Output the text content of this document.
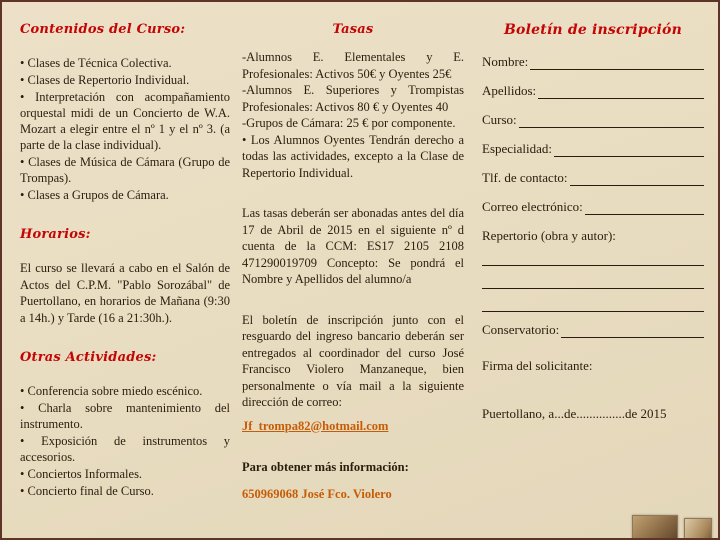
Contenidos del Curso:

• Clases de Técnica Colectiva.

• Clases de Repertorio Individual.

• Interpretación con acompañamiento orquestal midi de un Concierto de W.A. Mozart a elegir entre el nº 1 y el nº 3. (a parte de la clase individual).

• Clases de Música de Cámara (Grupo de Trompas).

• Clases a Grupos de Cámara.

Horarios:

El curso se llevará a cabo en el Salón de Actos del C.P.M. "Pablo Sorozábal" de Puertollano, en horarios de Mañana (9:30 a 14h.) y Tarde (16 a 21:30h.).

Otras Actividades:

• Conferencia sobre miedo escénico.

• Charla sobre mantenimiento del instrumento.

• Exposición de instrumentos y accesorios.

• Conciertos Informales.

• Concierto final de Curso.

Tasas

-Alumnos E. Elementales y E. Profesionales: Activos 50€ y Oyentes 25€

-Alumnos E. Superiores y Trompistas Profesionales: Activos 80 € y Oyentes 40

-Grupos de Cámara: 25 € por componente.

• Los Alumnos Oyentes Tendrán derecho a todas las actividades, excepto a la Clase de Repertorio Individual.

Las tasas deberán ser abonadas antes del día 17 de Abril de 2015 en el siguiente nº d cuenta de la CCM: ES17 2105 2108 471290019709 Concepto: Se pondrá el Nombre y Apellidos del alumno/a

El boletín de inscripción junto con el resguardo del ingreso bancario deberán ser entregados al coordinador del curso José Francisco Violero Manzaneque, bien personalmente o vía mail a la siguiente dirección de correo:

Jf_trompa82@hotmail.com

Para obtener más información:

650969068 José Fco. Violero

Boletín de inscripción
Nombre:
Apellidos:
Curso:
Especialidad:
Tlf. de contacto:
Correo electrónico:
Repertorio (obra y autor):
Conservatorio:
Firma del solicitante:

Puertollano, a...de...............de 2015
